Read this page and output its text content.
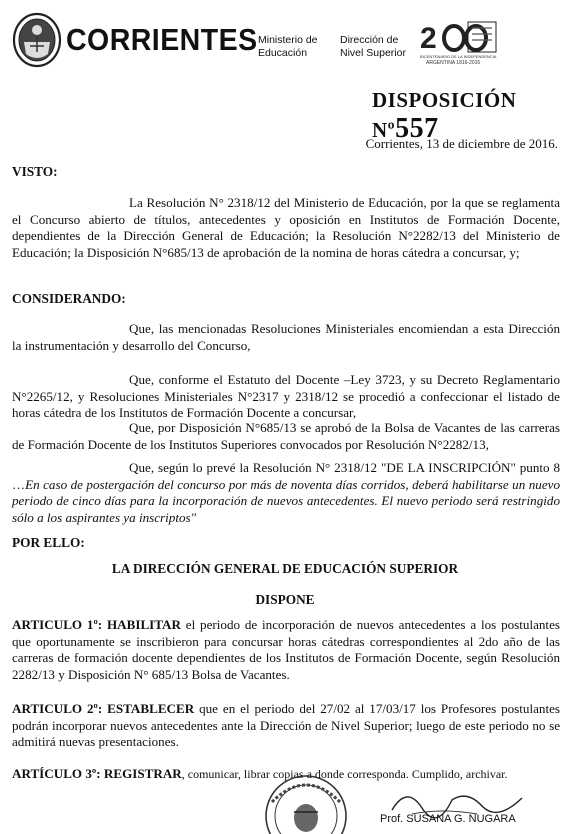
CORRIENTES Ministerio de
Educación
Dirección de
Nivel Superior 2
BICENTENARIO DE LA INDEPENDENCIA
ARGENTINA 1816-2016
DISPOSICIÓN Nº557
Corrientes, 13 de diciembre de 2016.
VISTO:
La Resolución N° 2318/12 del Ministerio de Educación, por la que se reglamenta el Concurso abierto de títulos, antecedentes y oposición en Institutos de Formación Docente, dependientes de la Dirección General de Educación; la Resolución N°2282/13 del Ministerio de Educación; la Disposición N°685/13 de aprobación de la nomina de horas cátedra a concursar, y;
CONSIDERANDO:
Que, las mencionadas Resoluciones Ministeriales encomiendan a esta Dirección la instrumentación y desarrollo del Concurso,
Que, conforme el Estatuto del Docente –Ley 3723, y su Decreto Reglamentario N°2265/12, y Resoluciones Ministeriales N°2317 y 2318/12 se procedió a confeccionar el listado de horas cátedra de los Institutos de Formación Docente a concursar,
Que, por Disposición N°685/13 se aprobó de la Bolsa de Vacantes de las carreras de Formación Docente de los Institutos Superiores convocados por Resolución N°2282/13,
Que, según lo prevé la Resolución N° 2318/12 "DE LA INSCRIPCIÓN" punto 8 …En caso de postergación del concurso por más de noventa días corridos, deberá habilitarse un nuevo periodo de cinco días para la incorporación de nuevos antecedentes. El nuevo periodo será restringido sólo a los aspirantes ya inscriptos"
POR ELLO:
LA DIRECCIÓN GENERAL DE EDUCACIÓN SUPERIOR
DISPONE
ARTICULO 1º: HABILITAR el periodo de incorporación de nuevos antecedentes a los postulantes que oportunamente se inscribieron para concursar horas cátedras correspondientes al 2do año de las carreras de formación docente dependientes de los Institutos de Formación Docente, según Resolución 2282/13 y Disposición N° 685/13 Bolsa de Vacantes.
ARTICULO 2º: ESTABLECER que en el periodo del 27/02 al 17/03/17 los Profesores postulantes podrán incorporar nuevos antecedentes ante la Dirección de Nivel Superior; luego de este periodo no se admitirá nuevas presentaciones.
ARTÍCULO 3º: REGISTRAR, comunicar, librar copias a donde corresponda. Cumplido, archivar.
Prof. SUSANA G. NUGARA
